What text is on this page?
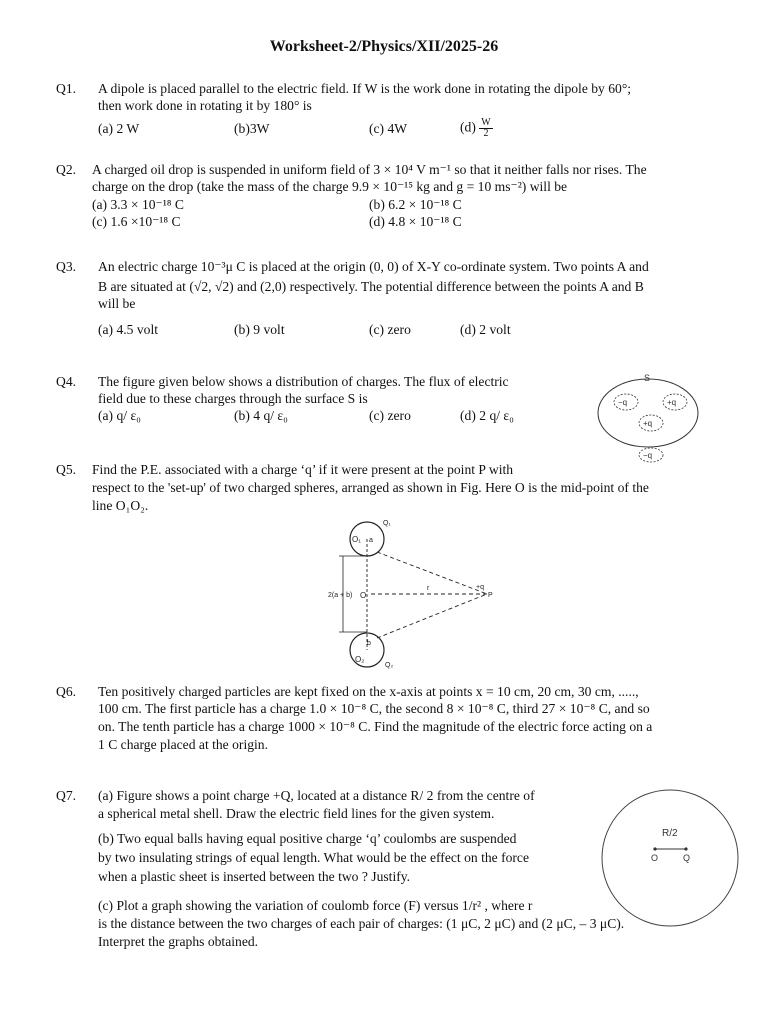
Worksheet-2/Physics/XII/2025-26
Q1. A dipole is placed parallel to the electric field. If W is the work done in rotating the dipole by 60°;
then work done in rotating it by 180° is
(a) 2 W	(b)3W	(c) 4W	$(d) \frac{W}{2}$
Q2. A charged oil drop is suspended in uniform field of 3 × 10⁴ V m⁻¹ so that it neither falls nor rises. The
charge on the drop (take the mass of the charge 9.9 × 10⁻¹⁵ kg and g = 10 ms⁻²) will be
(a) 3.3 × 10⁻¹⁸ C	(b) 6.2 × 10⁻¹⁸ C
(c) 1.6 ×10⁻¹⁸ C	(d) 4.8 × 10⁻¹⁸ C
Q3. An electric charge 10⁻³μ C is placed at the origin (0, 0) of X-Y co-ordinate system. Two points A and
B are situated at (√2, √2) and (2,0) respectively. The potential difference between the points A and B
will be
(a) 4.5 volt	(b) 9 volt	(c) zero	(d) 2 volt
Q4. The figure given below shows a distribution of charges. The flux of electric
field due to these charges through the surface S is
(a) q/ ε₀	(b) 4 q/ ε₀	(c) zero	(d) 2 q/ ε₀
S
−q	+q
+q
−q
Q5. Find the P.E. associated with a charge ‘q’ if it were present at the point P with
respect to the 'set-up' of two charged spheres, arranged as shown in Fig. Here O is the mid-point of the
line O₁O₂.
O₁ a
Q₁
O₂
b
Q₂
2(a + b) O
r	+q
P
Q6. Ten positively charged particles are kept fixed on the x-axis at points x = 10 cm, 20 cm, 30 cm, .....,
100 cm. The first particle has a charge 1.0 × 10⁻⁸ C, the second 8 × 10⁻⁸ C, third 27 × 10⁻⁸ C, and so
on. The tenth particle has a charge 1000 × 10⁻⁸ C. Find the magnitude of the electric force acting on a
1 C charge placed at the origin.
Q7. (a) Figure shows a point charge +Q, located at a distance R/ 2 from the centre of
a spherical metal shell. Draw the electric field lines for the given system.
(b) Two equal balls having equal positive charge ‘q’ coulombs are suspended
by two insulating strings of equal length. What would be the effect on the force
when a plastic sheet is inserted between the two ? Justify.
(c) Plot a graph showing the variation of coulomb force (F) versus 1/r² , where r
is the distance between the two charges of each pair of charges: (1 μC, 2 μC) and (2 μC, – 3 μC).
Interpret the graphs obtained.
R/2
O	Q
